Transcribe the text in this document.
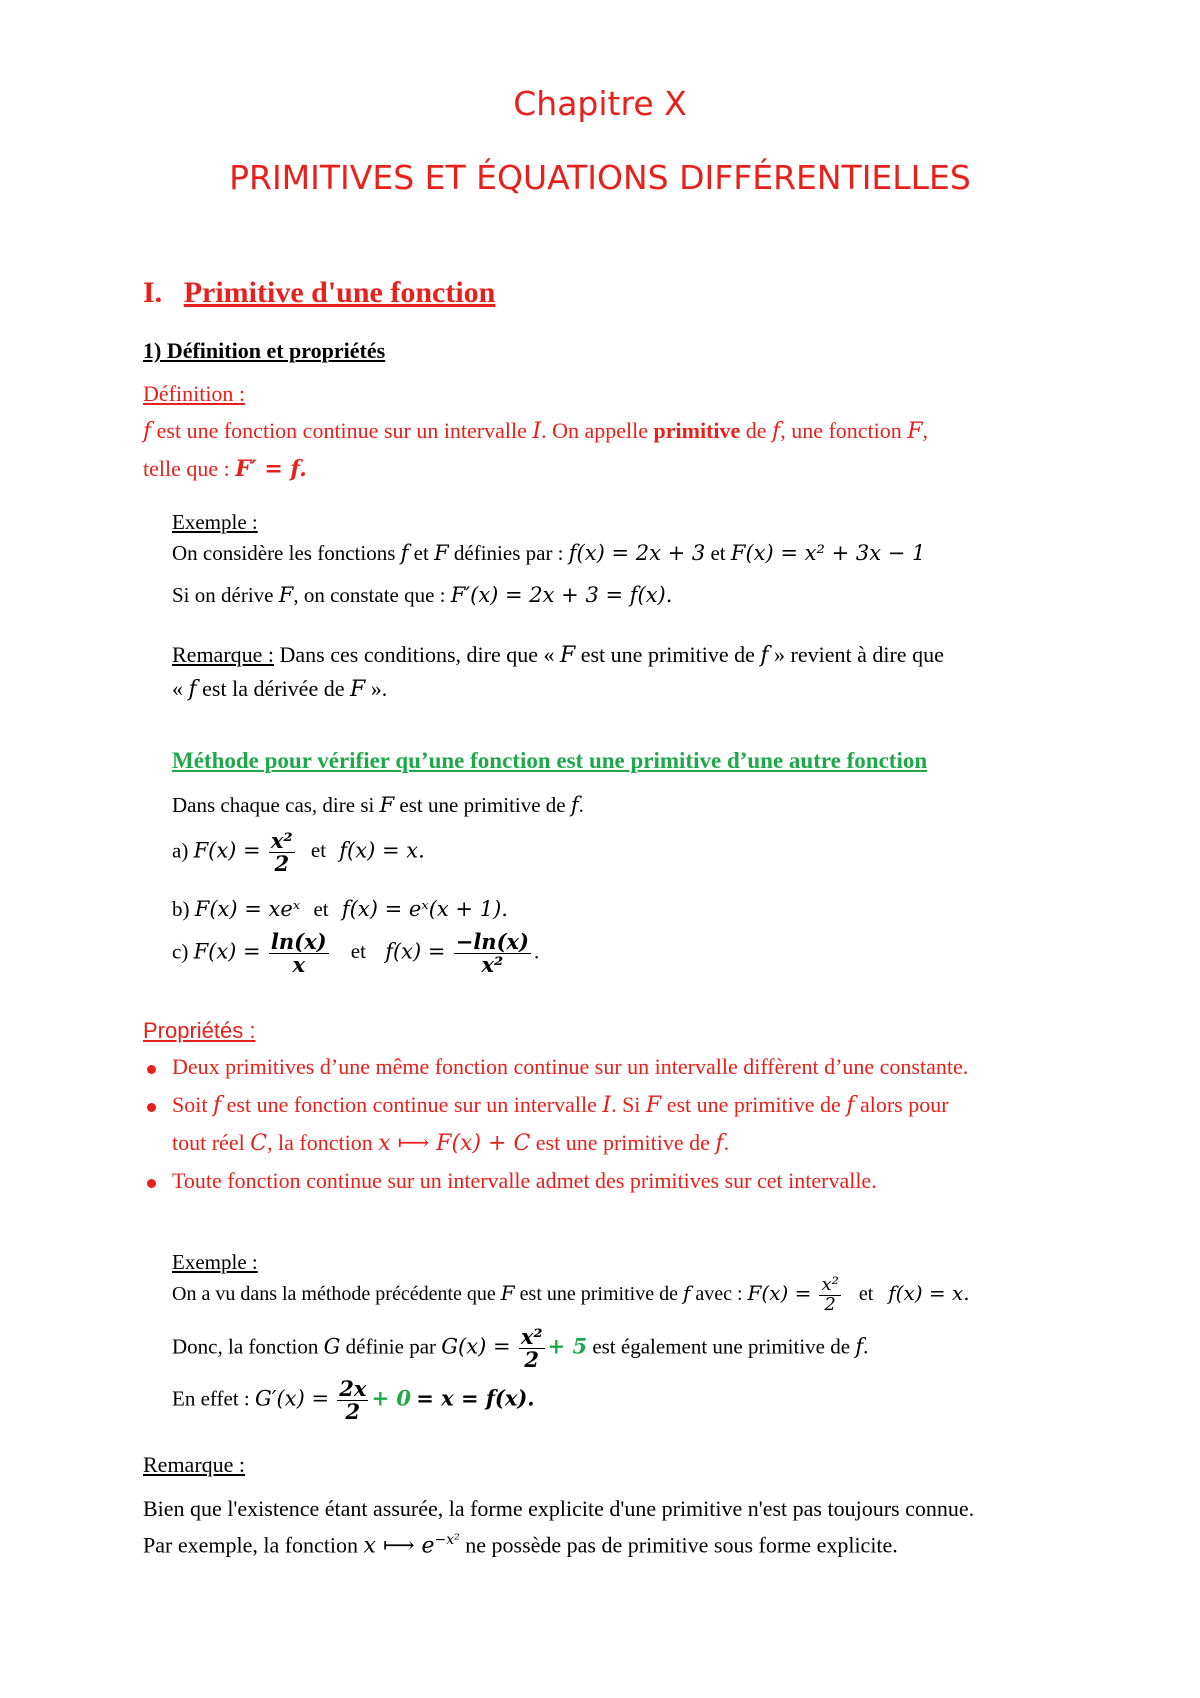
Chapitre X
PRIMITIVES ET ÉQUATIONS DIFFÉRENTIELLES
I. Primitive d'une fonction
1) Définition et propriétés
Définition :
f est une fonction continue sur un intervalle I. On appelle primitive de f, une fonction F,
telle que : F′ = f.
Exemple :
On considère les fonctions f et F définies par : f(x) = 2x + 3 et F(x) = x² + 3x − 1
Si on dérive F, on constate que : F′(x) = 2x + 3 = f(x).
Remarque : Dans ces conditions, dire que « F est une primitive de f » revient à dire que
« f est la dérivée de F ».
Méthode pour vérifier qu’une fonction est une primitive d’une autre fonction
Dans chaque cas, dire si F est une primitive de f.
a) $F(x) = \frac{\text{x²}}{2}$ et f(x) = x.
b) F(x) = xeˣ et f(x) = eˣ(x + 1).
c) $F(x) = \frac{\ln(x)}{x}$ et $f(x) = \frac{-\ln(x)}{\text{x²}}$ .
Propriétés :
Deux primitives d’une même fonction continue sur un intervalle diffèrent d’une constante.
Soit f est une fonction continue sur un intervalle I. Si F est une primitive de f alors pour
tout réel C, la fonction x ⟼ F(x) + C est une primitive de f.
Toute fonction continue sur un intervalle admet des primitives sur cet intervalle.
Exemple :
On a vu dans la méthode précédente que F est une primitive de f avec : $F(x) = \frac{\text{x²}}{2}$ et f(x) = x.
Donc, la fonction G définie par $G(x) = \frac{\text{x²}}{2} + 5$ est également une primitive de f.
En effet : $G'(x) = \frac{2x}{2} + 0 = x = f(x)$.
Remarque :
Bien que l'existence étant assurée, la forme explicite d'une primitive n'est pas toujours connue.
Par exemple, la fonction x ⟼ $e^{-x^2}$ ne possède pas de primitive sous forme explicite.
